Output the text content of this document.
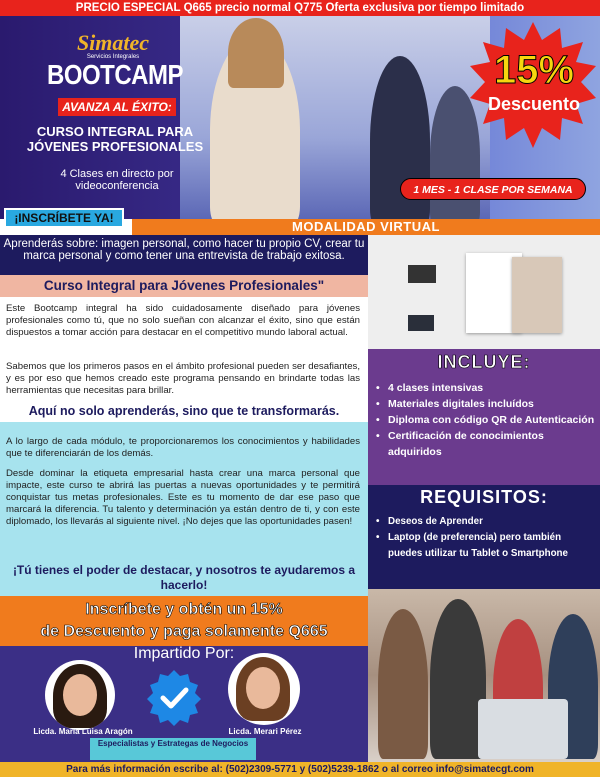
PRECIO ESPECIAL Q665 precio normal Q775 Oferta exclusiva por tiempo limitado
Simatec
Servicios Integrales
BOOTCAMP
AVANZA AL ÉXITO:
CURSO INTEGRAL PARA JÓVENES PROFESIONALES
4 Clases en directo por videoconferencia
15%
Descuento
1 MES - 1 CLASE POR SEMANA
¡INSCRÍBETE YA!
MODALIDAD VIRTUAL
Aprenderás sobre: imagen personal, como hacer tu propio CV, crear tu marca personal y como tener una entrevista de trabajo exitosa.
Curso Integral para Jóvenes Profesionales"

Este Bootcamp integral ha sido cuidadosamente diseñado para jóvenes profesionales como tú, que no solo sueñan con alcanzar el éxito, sino que están dispuestos a tomar acción para destacar en el competitivo mundo laboral actual.

Sabemos que los primeros pasos en el ámbito profesional pueden ser desafiantes, y es por eso que hemos creado este programa pensando en brindarte todas las herramientas que necesitas para brillar.

Aquí no solo aprenderás, sino que te transformarás.

A lo largo de cada módulo, te proporcionaremos los conocimientos y habilidades que te diferenciarán de los demás.

Desde dominar la etiqueta empresarial hasta crear una marca personal que impacte, este curso te abrirá las puertas a nuevas oportunidades y te permitirá conquistar tus metas profesionales. Este es tu momento de dar ese paso que marcará la diferencia. Tu talento y determinación ya están dentro de ti, y con este diplomado, los llevarás al siguiente nivel. ¡No dejes que las oportunidades pasen!

¡Tú tienes el poder de destacar, y nosotros te ayudaremos a hacerlo!
Inscríbete y obtén un 15%
de Descuento y paga solamente Q665
Impartido Por:
Licda. María Luisa Aragón	Licda. Merari Pérez
Especialistas y Estrategas de Negocios
INCLUYE:
• 4 clases intensivas
• Materiales digitales incluídos
• Diploma con código QR de Autenticación
• Certificación de conocimientos adquiridos
REQUISITOS:
• Deseos de Aprender
• Laptop (de preferencia) pero también puedes utilizar tu Tablet o Smartphone
Para más información escribe al: (502)2309-5771 y (502)5239-1862 o al correo info@simatecgt.com
